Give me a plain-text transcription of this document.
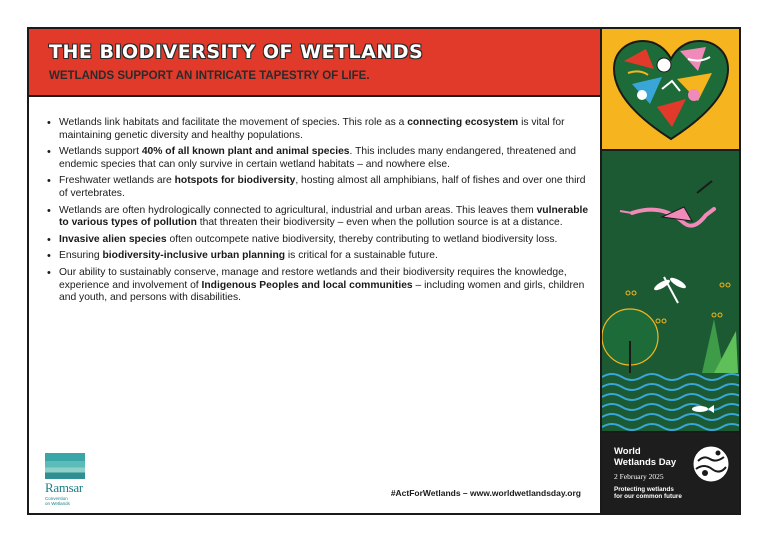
THE BIODIVERSITY OF WETLANDS
WETLANDS SUPPORT AN INTRICATE TAPESTRY OF LIFE.
• Wetlands link habitats and facilitate the movement of species. This role as a connecting ecosystem is vital for maintaining genetic diversity and healthy populations.
• Wetlands support 40% of all known plant and animal species. This includes many endangered, threatened and endemic species that can only survive in certain wetland habitats – and nowhere else.
• Freshwater wetlands are hotspots for biodiversity, hosting almost all amphibians, half of fishes and over one third of vertebrates.
• Wetlands are often hydrologically connected to agricultural, industrial and urban areas. This leaves them vulnerable to various types of pollution that threaten their biodiversity – even when the pollution source is at a distance.
• Invasive alien species often outcompete native biodiversity, thereby contributing to wetland biodiversity loss.
• Ensuring biodiversity-inclusive urban planning is critical for a sustainable future.
• Our ability to sustainably conserve, manage and restore wetlands and their biodiversity requires the knowledge, experience and involvement of Indigenous Peoples and local communities – including women and girls, children and youth, and persons with disabilities.
Ramsar
Convention
on Wetlands
#ActForWetlands – www.worldwetlandsday.org
World
Wetlands Day
2 February 2025
Protecting wetlands
for our common future
